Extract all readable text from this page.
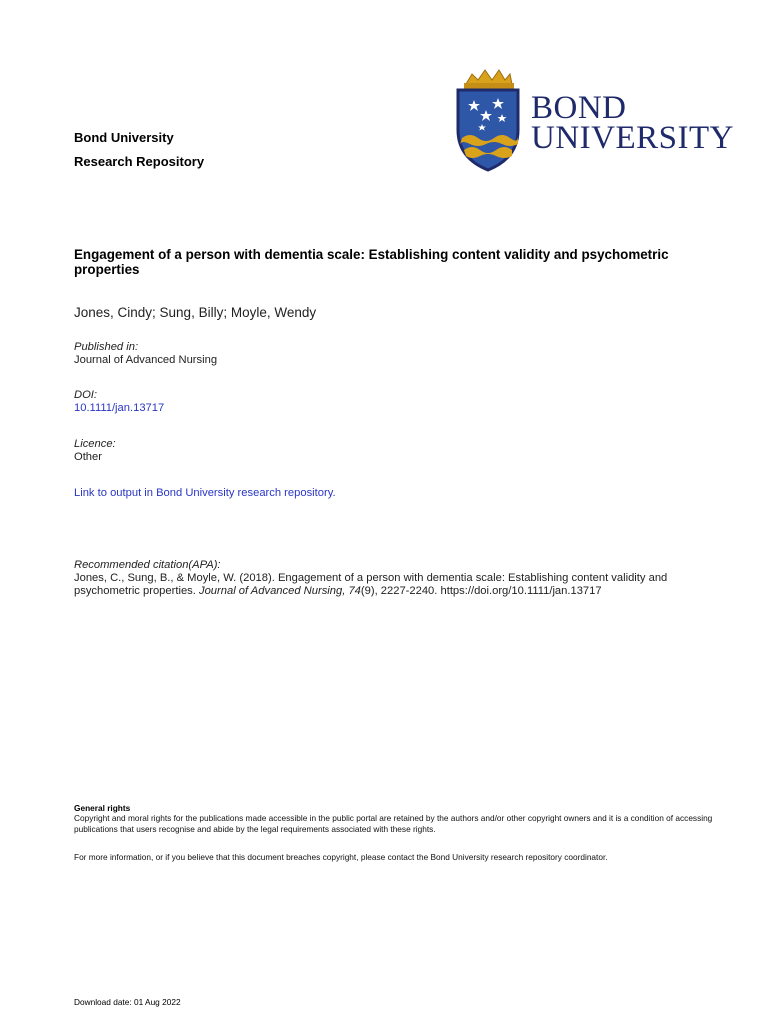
Bond University
Research Repository
BOND
UNIVERSITY
Engagement of a person with dementia scale: Establishing content validity and psychometric properties
Jones, Cindy; Sung, Billy; Moyle, Wendy
Published in:
Journal of Advanced Nursing
DOI:
10.1111/jan.13717
Licence:
Other
Link to output in Bond University research repository.
Recommended citation(APA):
Jones, C., Sung, B., & Moyle, W. (2018). Engagement of a person with dementia scale: Establishing content validity and psychometric properties. Journal of Advanced Nursing, 74(9), 2227-2240. https://doi.org/10.1111/jan.13717
General rights
Copyright and moral rights for the publications made accessible in the public portal are retained by the authors and/or other copyright owners and it is a condition of accessing publications that users recognise and abide by the legal requirements associated with these rights.
For more information, or if you believe that this document breaches copyright, please contact the Bond University research repository coordinator.
Download date: 01 Aug 2022
